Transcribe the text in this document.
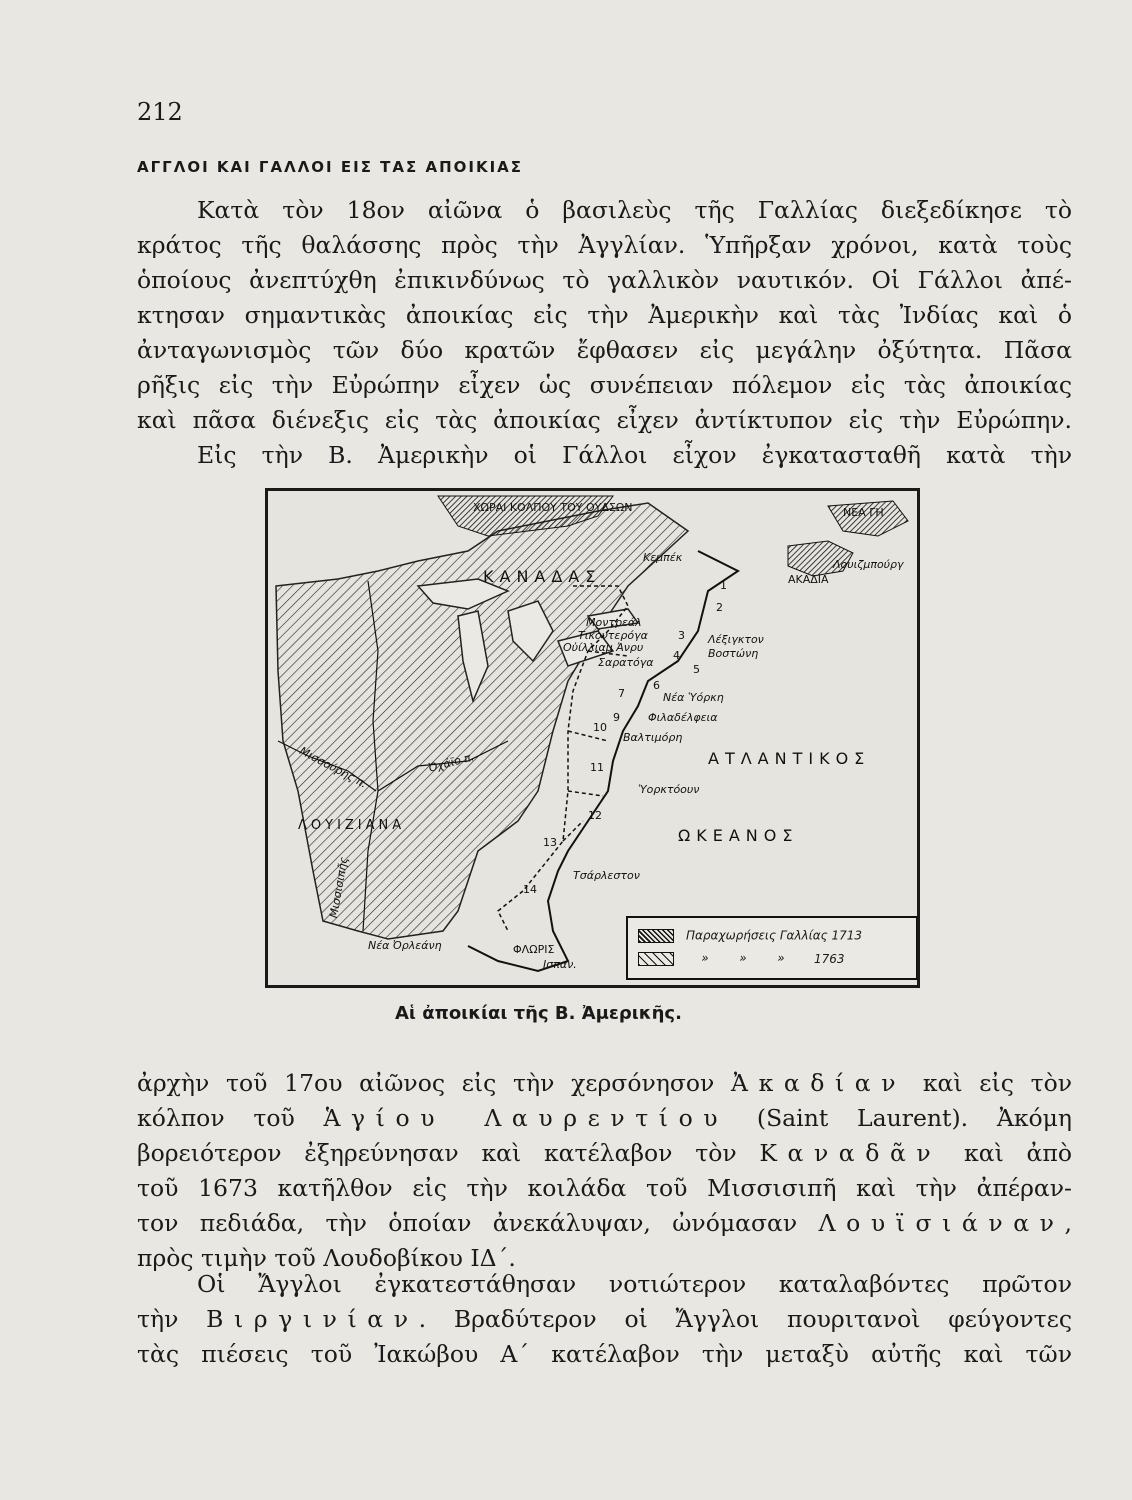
212
ΑΓΓΛΟΙ ΚΑΙ ΓΑΛΛΟΙ ΕΙΣ ΤΑΣ ΑΠΟΙΚΙΑΣ

Κατὰ τὸν 18ον αἰῶνα ὁ βασιλεὺς τῆς Γαλλίας διεξεδίκησε τὸ
κράτος τῆς θαλάσσης πρὸς τὴν Ἀγγλίαν. Ὑπῆρξαν χρόνοι, κατὰ τοὺς
ὁποίους ἀνεπτύχθη ἐπικινδύνως τὸ γαλλικὸν ναυτικόν. Οἱ Γάλλοι ἀπέ-
κτησαν σημαντικὰς ἀποικίας εἰς τὴν Ἀμερικὴν καὶ τὰς Ἰνδίας καὶ ὁ
ἀνταγωνισμὸς τῶν δύο κρατῶν ἔφθασεν εἰς μεγάλην ὀξύτητα. Πᾶσα
ρῆξις εἰς τὴν Εὐρώπην εἶχεν ὡς συνέπειαν πόλεμον εἰς τὰς ἀποικίας
καὶ πᾶσα διένεξις εἰς τὰς ἀποικίας εἶχεν ἀντίκτυπον εἰς τὴν Εὐρώπην.
Εἰς τὴν Β. Ἀμερικὴν οἱ Γάλλοι εἶχον ἐγκατασταθῆ κατὰ τὴν

ΧΩΡΑΙ ΚΟΛΠΟΥ ΤΟΥ ΟΥΔΣΩΝ	ΝΕΑ ΓΗ
Λουιζμπούργ
ΑΚΑΔΙΑ
ΚΑΝΑΔΑΣ
ΛΟΥΙΖΙΑΝΑ
ΑΤΛΑΝΤΙΚΟΣ
ΩΚΕΑΝΟΣ
ΦΛΩΡΙΣ
Ισπαν.
Κεμπέκ
Μοντρεάλ
Τικοντερόγα
Οὐίλλιαμ Ἀνρυ
Σαρατόγα
Λέξιγκτον
Βοστώνη
Νέα Ὑόρκη
Φιλαδέλφεια
Βαλτιμόρη
Ὑορκτόουν
Τσάρλεστον
Νέα Ὀρλεάνη
Μισσούρης π.	Ὀχάϊο π.
Μισσισιπῆς
1
2
3
4
5
6
7
9
10
11
12
13
14
Παραχωρήσεις Γαλλίας 1713
»	»	» 1763
Αἱ ἀποικίαι τῆς Β. Ἀμερικῆς.

ἀρχὴν τοῦ 17ου αἰῶνος εἰς τὴν χερσόνησον Ἀκαδίαν καὶ εἰς τὸν
κόλπον τοῦ Ἁγίου Λαυρεντίου (Saint Laurent). Ἀκόμη
βορειότερον ἐξηρεύνησαν καὶ κατέλαβον τὸν Καναδᾶν καὶ ἀπὸ
τοῦ 1673 κατῆλθον εἰς τὴν κοιλάδα τοῦ Μισσισιπῆ καὶ τὴν ἀπέραν-
τον πεδιάδα, τὴν ὁποίαν ἀνεκάλυψαν, ὠνόμασαν Λουϊσιάναν,
πρὸς τιμὴν τοῦ Λουδοβίκου ΙΔ΄.

Οἱ Ἄγγλοι ἐγκατεστάθησαν νοτιώτερον καταλαβόντες πρῶτον
τὴν Βιργινίαν. Βραδύτερον οἱ Ἄγγλοι πουριτανοὶ φεύγοντες
τὰς πιέσεις τοῦ Ἰακώβου Α΄ κατέλαβον τὴν μεταξὺ αὐτῆς καὶ τῶν
